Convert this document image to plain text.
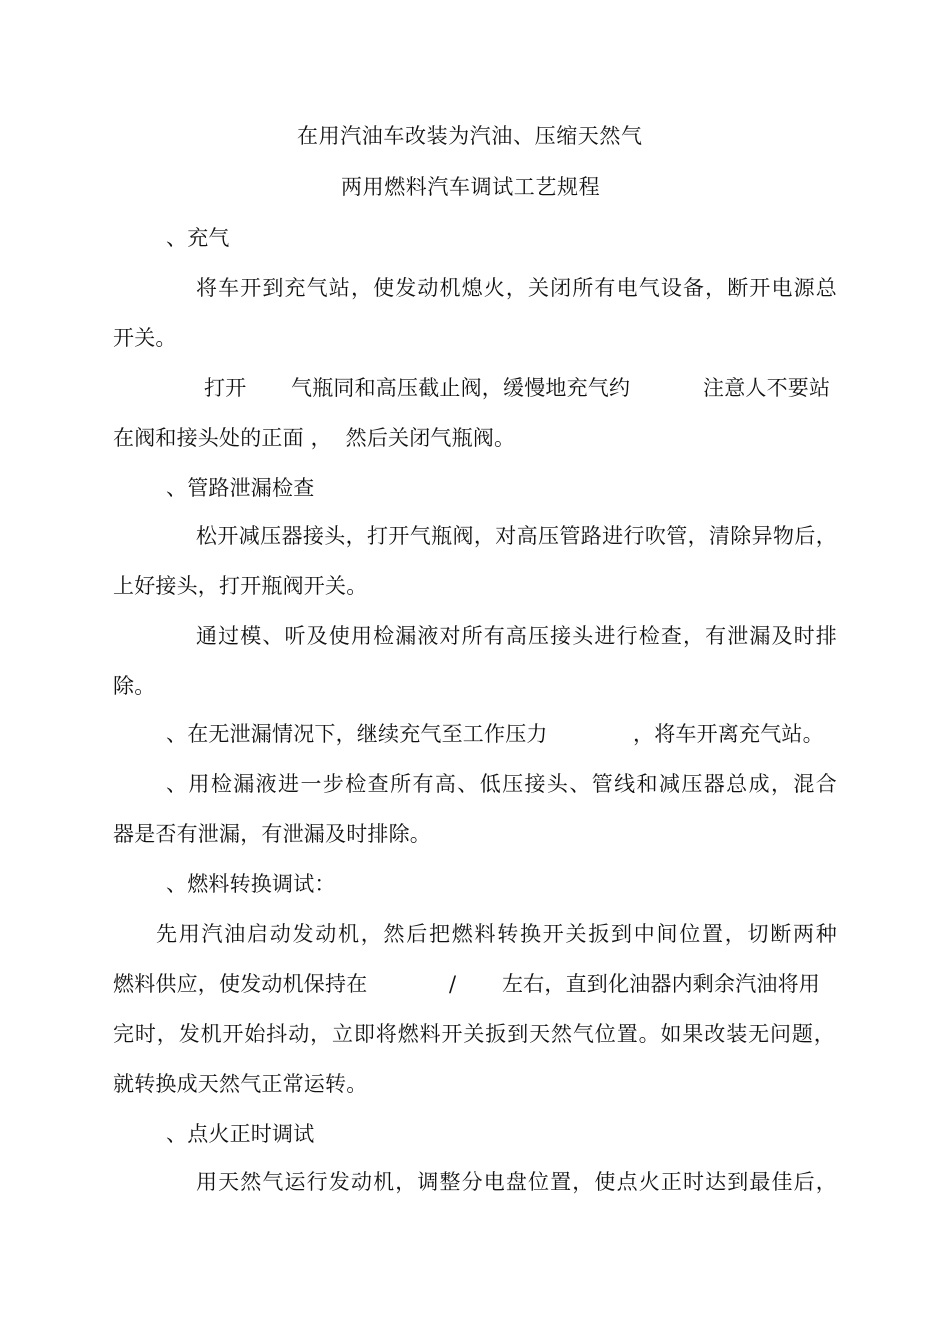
在用汽油车改装为汽油、压缩天然气
两用燃料汽车调试工艺规程
、充气
将车开到充气站，使发动机熄火，关闭所有电气设备，断开电源总
开关。
打开 气瓶同和高压截止阀，缓慢地充气约	注意人不要站
在阀和接头处的正面 ，  然后关闭气瓶阀。
、管路泄漏检查
松开减压器接头，打开气瓶阀，对高压管路进行吹管，清除异物后，
上好接头，打开瓶阀开关。
通过模、听及使用检漏液对所有高压接头进行检查，有泄漏及时排
除。
、在无泄漏情况下，继续充气至工作压力	，将车开离充气站。
、用检漏液进一步检查所有高、低压接头、管线和减压器总成，混合
器是否有泄漏，有泄漏及时排除。
、燃料转换调试：
先用汽油启动发动机，然后把燃料转换开关扳到中间位置，切断两种
燃料供应，使发动机保持在	/ 左右，直到化油器内剩余汽油将用
完时，发机开始抖动，立即将燃料开关扳到天然气位置。如果改装无问题，
就转换成天然气正常运转。
、点火正时调试
用天然气运行发动机，调整分电盘位置，使点火正时达到最佳后，
